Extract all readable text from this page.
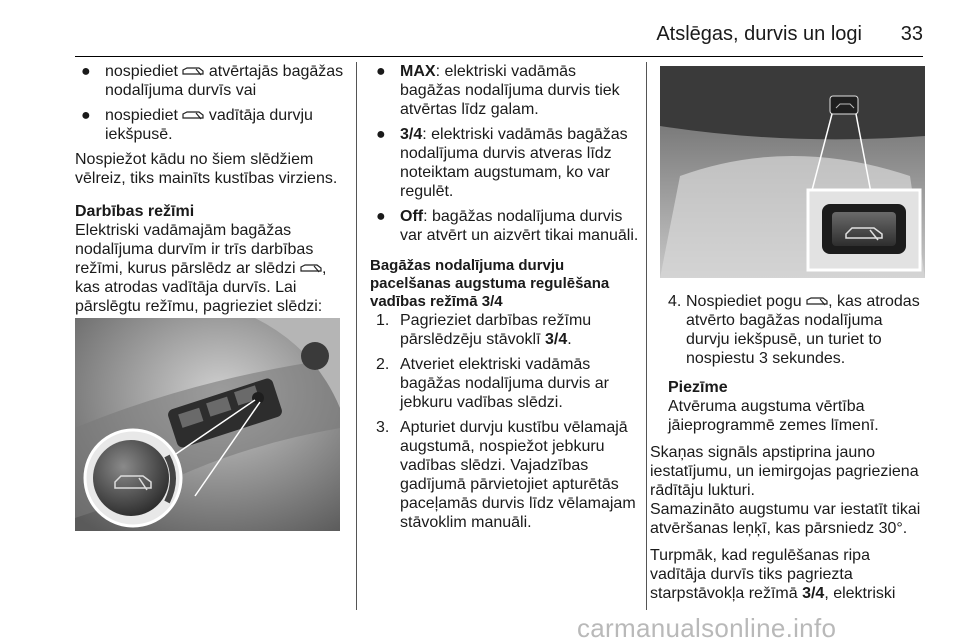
Atslēgas, durvis un logi 33
● nospiediet atvērtajās bagāžas nodalījuma durvīs vai
● nospiediet vadītāja durvju iekšpusē.

Nospiežot kādu no šiem slēdžiem vēlreiz, tiks mainīts kustības virziens.

Darbības režīmi

Elektriski vadāmajām bagāžas nodalījuma durvīm ir trīs darbības režīmi, kurus pārslēdz ar slēdzi , kas atrodas vadītāja durvīs. Lai pārslēgtu režīmu, pagrieziet slēdzi:

● MAX: elektriski vadāmās bagāžas nodalījuma durvis tiek atvērtas līdz galam.
● 3/4: elektriski vadāmās bagāžas nodalījuma durvis atveras līdz noteiktam augstumam, ko var regulēt.
● Off: bagāžas nodalījuma durvis var atvērt un aizvērt tikai manuāli.
Bagāžas nodalījuma durvju pacelšanas augstuma regulēšana vadības režīmā 3/4
1. Pagrieziet darbības režīmu pārslēdzēju stāvoklī 3/4.
2. Atveriet elektriski vadāmās bagāžas nodalījuma durvis ar jebkuru vadības slēdzi.
3. Apturiet durvju kustību vēlamajā augstumā, nospiežot jebkuru vadības slēdzi. Vajadzības gadījumā pārvietojiet apturētās paceļamās durvis līdz vēlamajam stāvoklim manuāli.
4. Nospiediet pogu , kas atrodas atvērto bagāžas nodalījuma durvju iekšpusē, un turiet to nospiestu 3 sekundes.
Piezīme

Atvēruma augstuma vērtība jāieprogrammē zemes līmenī.

Skaņas signāls apstiprina jauno iestatījumu, un iemirgojas pagrieziena rādītāju lukturi.

Samazināto augstumu var iestatīt tikai atvēršanas leņķī, kas pārsniedz 30°.

Turpmāk, kad regulēšanas ripa vadītāja durvīs tiks pagriezta starpstāvokļa režīmā 3/4, elektriski

carmanualsonline.info
